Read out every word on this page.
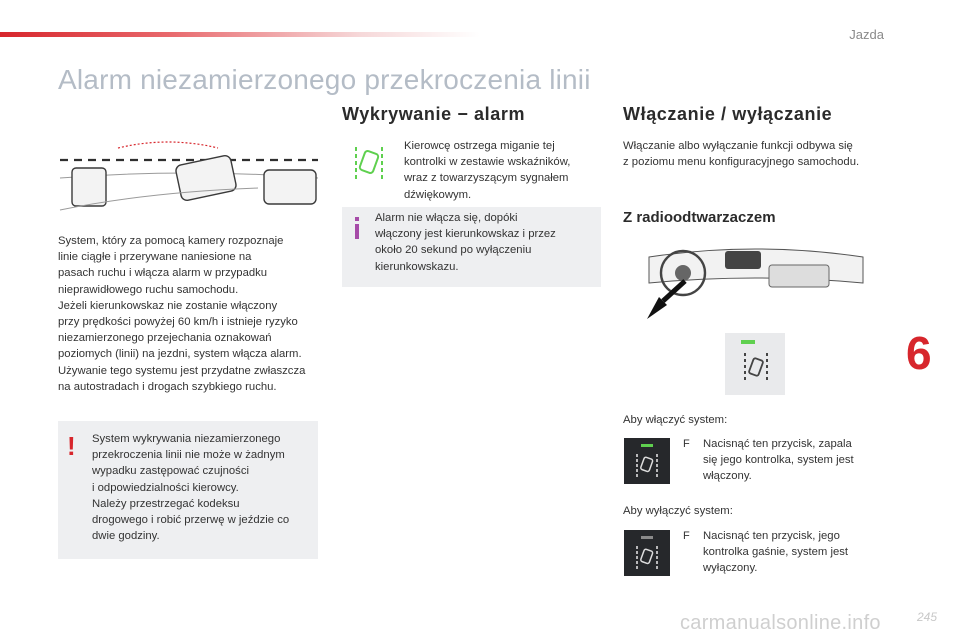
Jazda
Alarm niezamierzonego przekroczenia linii
System, który za pomocą kamery rozpoznaje
linie ciągłe i przerywane naniesione na
pasach ruchu i włącza alarm w przypadku
nieprawidłowego ruchu samochodu.
Jeżeli kierunkowskaz nie zostanie włączony
przy prędkości powyżej 60 km/h i istnieje ryzyko
niezamierzonego przejechania oznakowań
poziomych (linii) na jezdni, system włącza alarm.
Używanie tego systemu jest przydatne zwłaszcza
na autostradach i drogach szybkiego ruchu.
! System wykrywania niezamierzonego
przekroczenia linii nie może w żadnym
wypadku zastępować czujności
i odpowiedzialności kierowcy.
Należy przestrzegać kodeksu
drogowego i robić przerwę w jeździe co
dwie godziny.
Wykrywanie − alarm
Kierowcę ostrzega miganie tej
kontrolki w zestawie wskaźników,
wraz z towarzyszącym sygnałem
dźwiękowym.
Alarm nie włącza się, dopóki
włączony jest kierunkowskaz i przez
około 20 sekund po wyłączeniu
kierunkowskazu.
Włączanie / wyłączanie
Włączanie albo wyłączanie funkcji odbywa się
z poziomu menu konfiguracyjnego samochodu.
Z radioodtwarzaczem
Aby włączyć system:
F Nacisnąć ten przycisk, zapala
się jego kontrolka, system jest
włączony.
Aby wyłączyć system:
F Nacisnąć ten przycisk, jego
kontrolka gaśnie, system jest
wyłączony.
6
carmanualsonline.info	245
